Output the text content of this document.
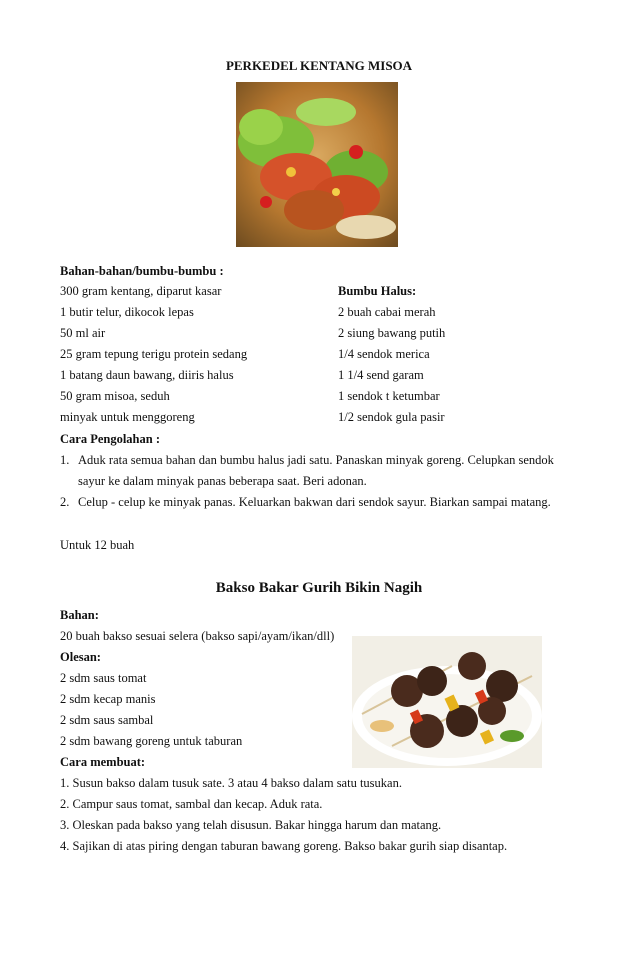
PERKEDEL KENTANG MISOA
Bahan-bahan/bumbu-bumbu :
300 gram kentang, diparut kasar
1 butir telur, dikocok lepas
50 ml air
25 gram tepung terigu protein sedang
1 batang daun bawang, diiris halus
50 gram misoa, seduh
minyak untuk menggoreng
Bumbu Halus:
2 buah cabai merah
2 siung bawang putih
1/4 sendok merica
1 1/4 send garam
1 sendok t ketumbar
1/2 sendok gula pasir
Cara Pengolahan :
1. Aduk rata semua bahan dan bumbu halus jadi satu. Panaskan minyak goreng. Celupkan sendok
sayur ke dalam minyak panas beberapa saat. Beri adonan.
2. Celup - celup ke minyak panas. Keluarkan bakwan dari sendok sayur. Biarkan sampai matang.
Untuk 12 buah
Bakso Bakar Gurih Bikin Nagih
Bahan:
20 buah bakso sesuai selera (bakso sapi/ayam/ikan/dll)
Olesan:
2 sdm saus tomat
2 sdm kecap manis
2 sdm saus sambal
2 sdm bawang goreng untuk taburan
Cara membuat:
1. Susun bakso dalam tusuk sate. 3 atau 4 bakso dalam satu tusukan.
2. Campur saus tomat, sambal dan kecap. Aduk rata.
3. Oleskan pada bakso yang telah disusun. Bakar hingga harum dan matang.
4. Sajikan di atas piring dengan taburan bawang goreng. Bakso bakar gurih siap disantap.
